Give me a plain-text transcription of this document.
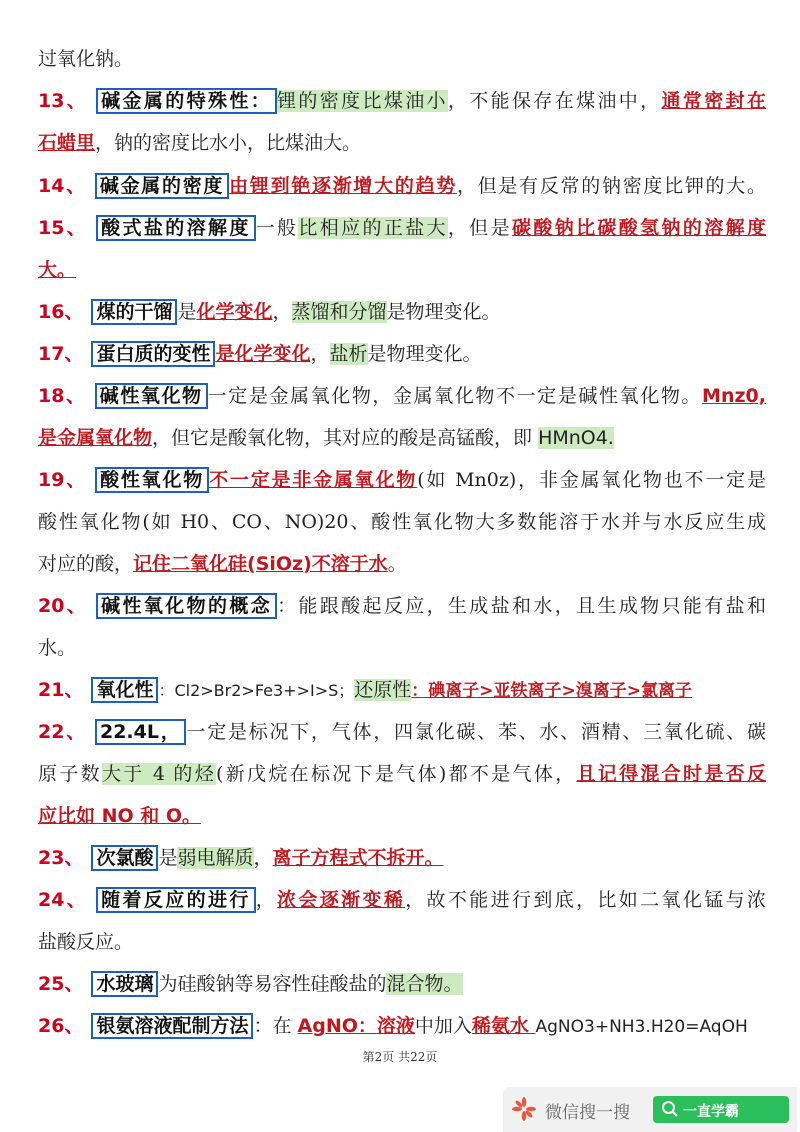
过氧化钠。
13、 碱金属的特殊性： 锂的密度比煤油小，不能保存在煤油中，通常密封在
石蜡里，钠的密度比水小，比煤油大。
14、 碱金属的密度 由锂到铯逐渐增大的趋势，但是有反常的钠密度比钾的大。
15、 酸式盐的溶解度 一般比相应的正盐大，但是碳酸钠比碳酸氢钠的溶解度
大。
16、 煤的干馏 是化学变化，蒸馏和分馏是物理变化。
17、 蛋白质的变性 是化学变化，盐析是物理变化。
18、 碱性氧化物 一定是金属氧化物，金属氧化物不一定是碱性氧化物。Mnz0,
是金属氧化物，但它是酸氧化物，其对应的酸是高锰酸，即 HMnO4.
19、 酸性氧化物 不一定是非金属氧化物(如 Mn0z)，非金属氧化物也不一定是
酸性氧化物(如 H0、CO、NO)20、酸性氧化物大多数能溶于水并与水反应生成
对应的酸，记住二氧化硅(SiOz)不溶于水。
20、 碱性氧化物的概念 ：能跟酸起反应，生成盐和水，且生成物只能有盐和
水。
21、 氧化性 ：Cl2>Br2>Fe3+>I>S；还原性：碘离子>亚铁离子>溴离子>氯离子
22、 22.4L， 一定是标况下，气体，四氯化碳、苯、水、酒精、三氧化硫、碳
原子数大于 4 的烃(新戊烷在标况下是气体)都不是气体，且记得混合时是否反
应比如 NO 和 O。
23、 次氯酸 是弱电解质，离子方程式不拆开。
24、 随着反应的进行 ，浓会逐渐变稀，故不能进行到底，比如二氧化锰与浓
盐酸反应。
25、 水玻璃 为硅酸钠等易容性硅酸盐的混合物。
26、 银氨溶液配制方法 ：在 AgNO：溶液中加入稀氨水 AgNO3+NH3.H20=AqOH
第2页 共22页
微信搜一搜	一直学霸
